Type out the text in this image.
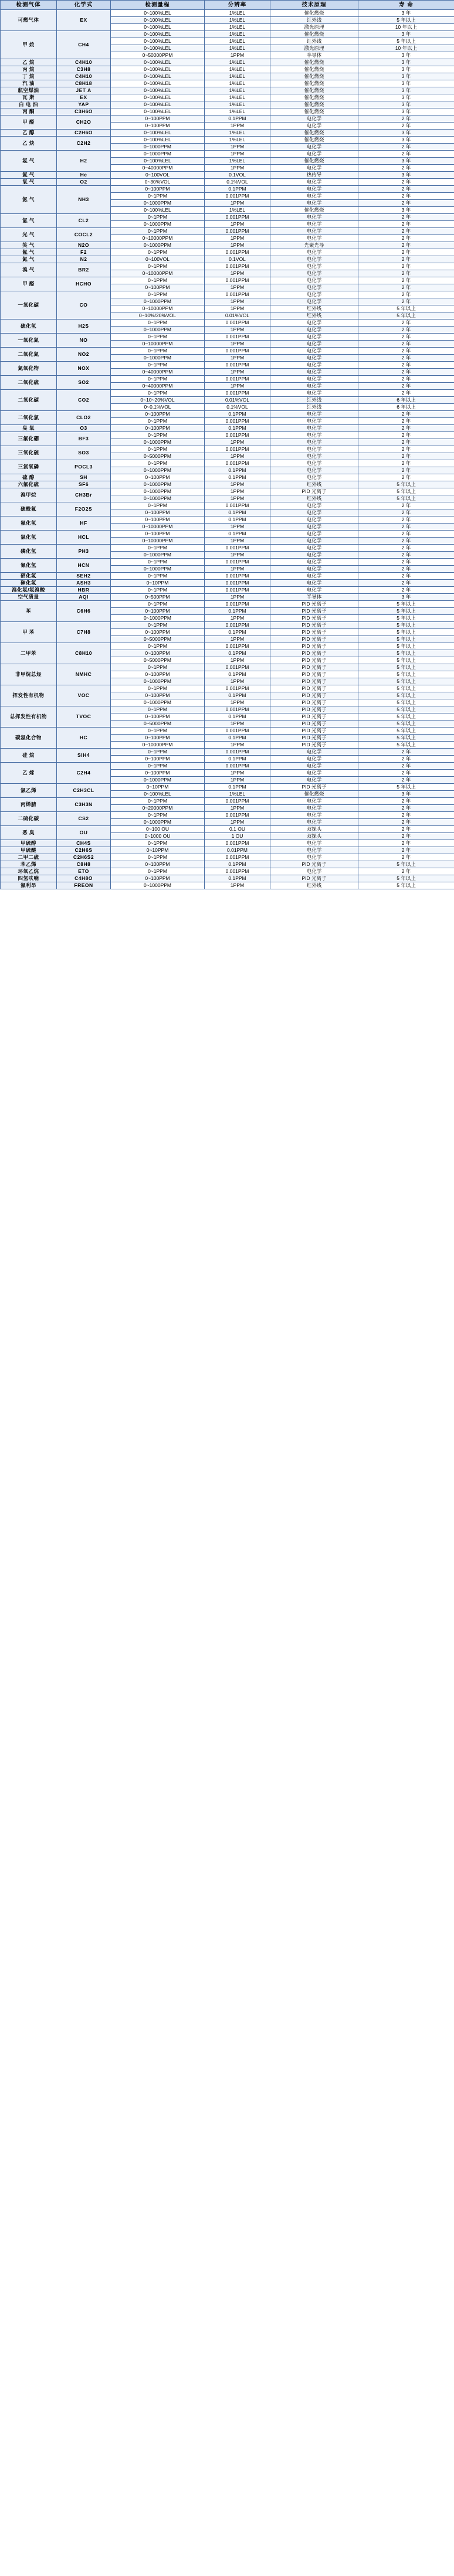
检测气体	化学式	检测量程	分辨率	技术原理	寿 命
可燃气体	EX	0~100%LEL	1%LEL	催化燃烧	3 年
		0~100%LEL	1%LEL	红外线	5 年以上
		0~100%LEL	1%LEL	激光原理	10 年以上
甲 烷	CH4	0~100%LEL	1%LEL	催化燃烧	3 年
		0~100%LEL	1%LEL	红外线	5 年以上
		0~100%LEL	1%LEL	激光原理	10 年以上
		0~50000PPM	1PPM	半导体	3 年
乙 烷	C4H10	0~100%LEL	1%LEL	催化燃烧	3 年
丙 烷	C3H8	0~100%LEL	1%LEL	催化燃烧	3 年
丁 烷	C4H10	0~100%LEL	1%LEL	催化燃烧	3 年
汽 油	C8H18	0~100%LEL	1%LEL	催化燃烧	3 年
航空煤油	JET A	0~100%LEL	1%LEL	催化燃烧	3 年
瓦 斯	EX	0~100%LEL	1%LEL	催化燃烧	3 年
白 电 油	YAP	0~100%LEL	1%LEL	催化燃烧	3 年
丙 酮	C3H6O	0~100%LEL	1%LEL	催化燃烧	3 年
甲 醛	CH2O	0~100PPM	0.1PPM	电化学	2 年
		0~100PPM	1PPM	电化学	2 年
乙 醇	C2H6O	0~100%LEL	1%LEL	催化燃烧	3 年
乙 炔	C2H2	0~100%LEL	1%LEL	催化燃烧	3 年
		0~1000PPM	1PPM	电化学	2 年
氢 气	H2	0~1000PPM	1PPM	电化学	2 年
		0~100%LEL	1%LEL	催化燃烧	3 年
		0~40000PPM	1PPM	电化学	2 年
氦 气	He	0~100VOL	0.1VOL	热传导	3 年
氧 气	O2	0~30%VOL	0.1%VOL	电化学	2 年
氨 气	NH3	0~100PPM	0.1PPM	电化学	2 年
		0~1PPM	0.001PPM	电化学	2 年
		0~1000PPM	1PPM	电化学	2 年
		0~100%LEL	1%LEL	催化燃烧	3 年
氯 气	CL2	0~1PPM	0.001PPM	电化学	2 年
		0~1000PPM	1PPM	电化学	2 年
光 气	COCL2	0~1PPM	0.001PPM	电化学	2 年
		0~10000PPM	1PPM	电化学	2 年
笑 气	N2O	0~1000PPM	1PPM	光聚光导	2 年
氟 气	F2	0~1PPM	0.001PPM	电化学	2 年
氮 气	N2	0~100VOL	0.1VOL	电化学	2 年
溴 气	BR2	0~1PPM	0.001PPM	电化学	2 年
		0~10000PPM	1PPM	电化学	2 年
甲 醛	HCHO	0~1PPM	0.001PPM	电化学	2 年
		0~100PPM	1PPM	电化学	2 年
一氧化碳	CO	0~1PPM	0.001PPM	电化学	2 年
		0~1000PPM	1PPM	电化学	2 年
		0~10000PPM	1PPM	红外线	5 年以上
		0~10%/20%VOL	0.01%VOL	红外线	5 年以上
硫化氢	H2S	0~1PPM	0.001PPM	电化学	2 年
		0~1000PPM	1PPM	电化学	2 年
一氧化氮	NO	0~1PPM	0.001PPM	电化学	2 年
		0~10000PPM	1PPM	电化学	2 年
二氧化氮	NO2	0~1PPM	0.001PPM	电化学	2 年
		0~1000PPM	1PPM	电化学	2 年
氮氧化物	NOX	0~1PPM	0.001PPM	电化学	2 年
		0~40000PPM	1PPM	电化学	2 年
二氧化硫	SO2	0~1PPM	0.001PPM	电化学	2 年
		0~40000PPM	1PPM	电化学	2 年
二氧化碳	CO2	0~1PPM	0.001PPM	电化学	2 年
		0~10~20%VOL	0.01%VOL	红外线	6 年以上
		0~0.1%VOL	0.1%VOL	红外线	6 年以上
二氧化氯	CLO2	0~100PPM	0.1PPM	电化学	2 年
		0~1PPM	0.001PPM	电化学	2 年
臭 氧	O3	0~100PPM	0.1PPM	电化学	2 年
三氟化硼	BF3	0~1PPM	0.001PPM	电化学	2 年
		0~1000PPM	1PPM	电化学	2 年
三氧化硫	SO3	0~1PPM	0.001PPM	电化学	2 年
		0~5000PPM	1PPM	电化学	2 年
三氯氧磷	POCL3	0~1PPM	0.001PPM	电化学	2 年
		0~1000PPM	0.1PPM	电化学	2 年
硫 醇	SH	0~100PPM	0.1PPM	电化学	2 年
六氟化硫	SF6	0~1000PPM	1PPM	红外线	5 年以上
溴甲烷	CH3Br	0~1000PPM	1PPM	PID 光离子	5 年以上
		0~1000PPM	1PPM	红外线	5 年以上
硫酰氟	F2O2S	0~1PPM	0.001PPM	电化学	2 年
		0~100PPM	0.1PPM	电化学	2 年
氟化氢	HF	0~100PPM	0.1PPM	电化学	2 年
		0~10000PPM	1PPM	电化学	2 年
氯化氢	HCL	0~100PPM	0.1PPM	电化学	2 年
		0~10000PPM	1PPM	电化学	2 年
磷化氢	PH3	0~1PPM	0.001PPM	电化学	2 年
		0~1000PPM	1PPM	电化学	2 年
氰化氢	HCN	0~1PPM	0.001PPM	电化学	2 年
		0~1000PPM	1PPM	电化学	2 年
硒化氢	SEH2	0~1PPM	0.001PPM	电化学	2 年
砷化氢	ASH3	0~10PPM	0.001PPM	电化学	2 年
溴化氢/氢溴酸	HBR	0~1PPM	0.001PPM	电化学	2 年
空气质量	AQI	0~500PPM	1PPM	半导体	3 年
苯	C6H6	0~1PPM	0.001PPM	PID 光离子	5 年以上
		0~100PPM	0.1PPM	PID 光离子	5 年以上
		0~1000PPM	1PPM	PID 光离子	5 年以上
甲 苯	C7H8	0~1PPM	0.001PPM	PID 光离子	5 年以上
		0~100PPM	0.1PPM	PID 光离子	5 年以上
		0~5000PPM	1PPM	PID 光离子	5 年以上
二甲苯	C8H10	0~1PPM	0.001PPM	PID 光离子	5 年以上
		0~100PPM	0.1PPM	PID 光离子	5 年以上
		0~5000PPM	1PPM	PID 光离子	5 年以上
非甲烷总烃	NMHC	0~1PPM	0.001PPM	PID 光离子	5 年以上
		0~100PPM	0.1PPM	PID 光离子	5 年以上
		0~1000PPM	1PPM	PID 光离子	5 年以上
挥发性有机物	VOC	0~1PPM	0.001PPM	PID 光离子	5 年以上
		0~100PPM	0.1PPM	PID 光离子	5 年以上
		0~1000PPM	1PPM	PID 光离子	5 年以上
总挥发性有机物	TVOC	0~1PPM	0.001PPM	PID 光离子	5 年以上
		0~100PPM	0.1PPM	PID 光离子	5 年以上
		0~5000PPM	1PPM	PID 光离子	5 年以上
碳氢化合物	HC	0~1PPM	0.001PPM	PID 光离子	5 年以上
		0~100PPM	0.1PPM	PID 光离子	5 年以上
		0~10000PPM	1PPM	PID 光离子	5 年以上
硅 烷	SIH4	0~1PPM	0.001PPM	电化学	2 年
		0~100PPM	0.1PPM	电化学	2 年
乙 烯	C2H4	0~1PPM	0.001PPM	电化学	2 年
		0~100PPM	1PPM	电化学	2 年
		0~1000PPM	1PPM	电化学	2 年
氯乙烯	C2H3CL	0~10PPM	0.1PPM	PID 光离子	5 年以上
		0~100%LEL	1%LEL	催化燃烧	3 年
丙烯腈	C3H3N	0~1PPM	0.001PPM	电化学	2 年
		0~20000PPM	1PPM	电化学	2 年
二硫化碳	CS2	0~1PPM	0.001PPM	电化学	2 年
		0~1000PPM	1PPM	电化学	2 年
恶 臭	OU	0~100 OU	0.1 OU	双探头	2 年
		0~1000 OU	1 OU	双探头	2 年
甲硫醇	CH4S	0~1PPM	0.001PPM	电化学	2 年
甲硫醚	C2H6S	0~10PPM	0.01PPM	电化学	2 年
二甲二硫	C2H6S2	0~1PPM	0.001PPM	电化学	2 年
苯乙烯	C8H8	0~100PPM	0.1PPM	PID 光离子	5 年以上
环氧乙烷	ETO	0~1PPM	0.001PPM	电化学	2 年
四氢呋喃	C4H8O	0~100PPM	0.1PPM	PID 光离子	5 年以上
氟利昂	FREON	0~1000PPM	1PPM	红外线	5 年以上
